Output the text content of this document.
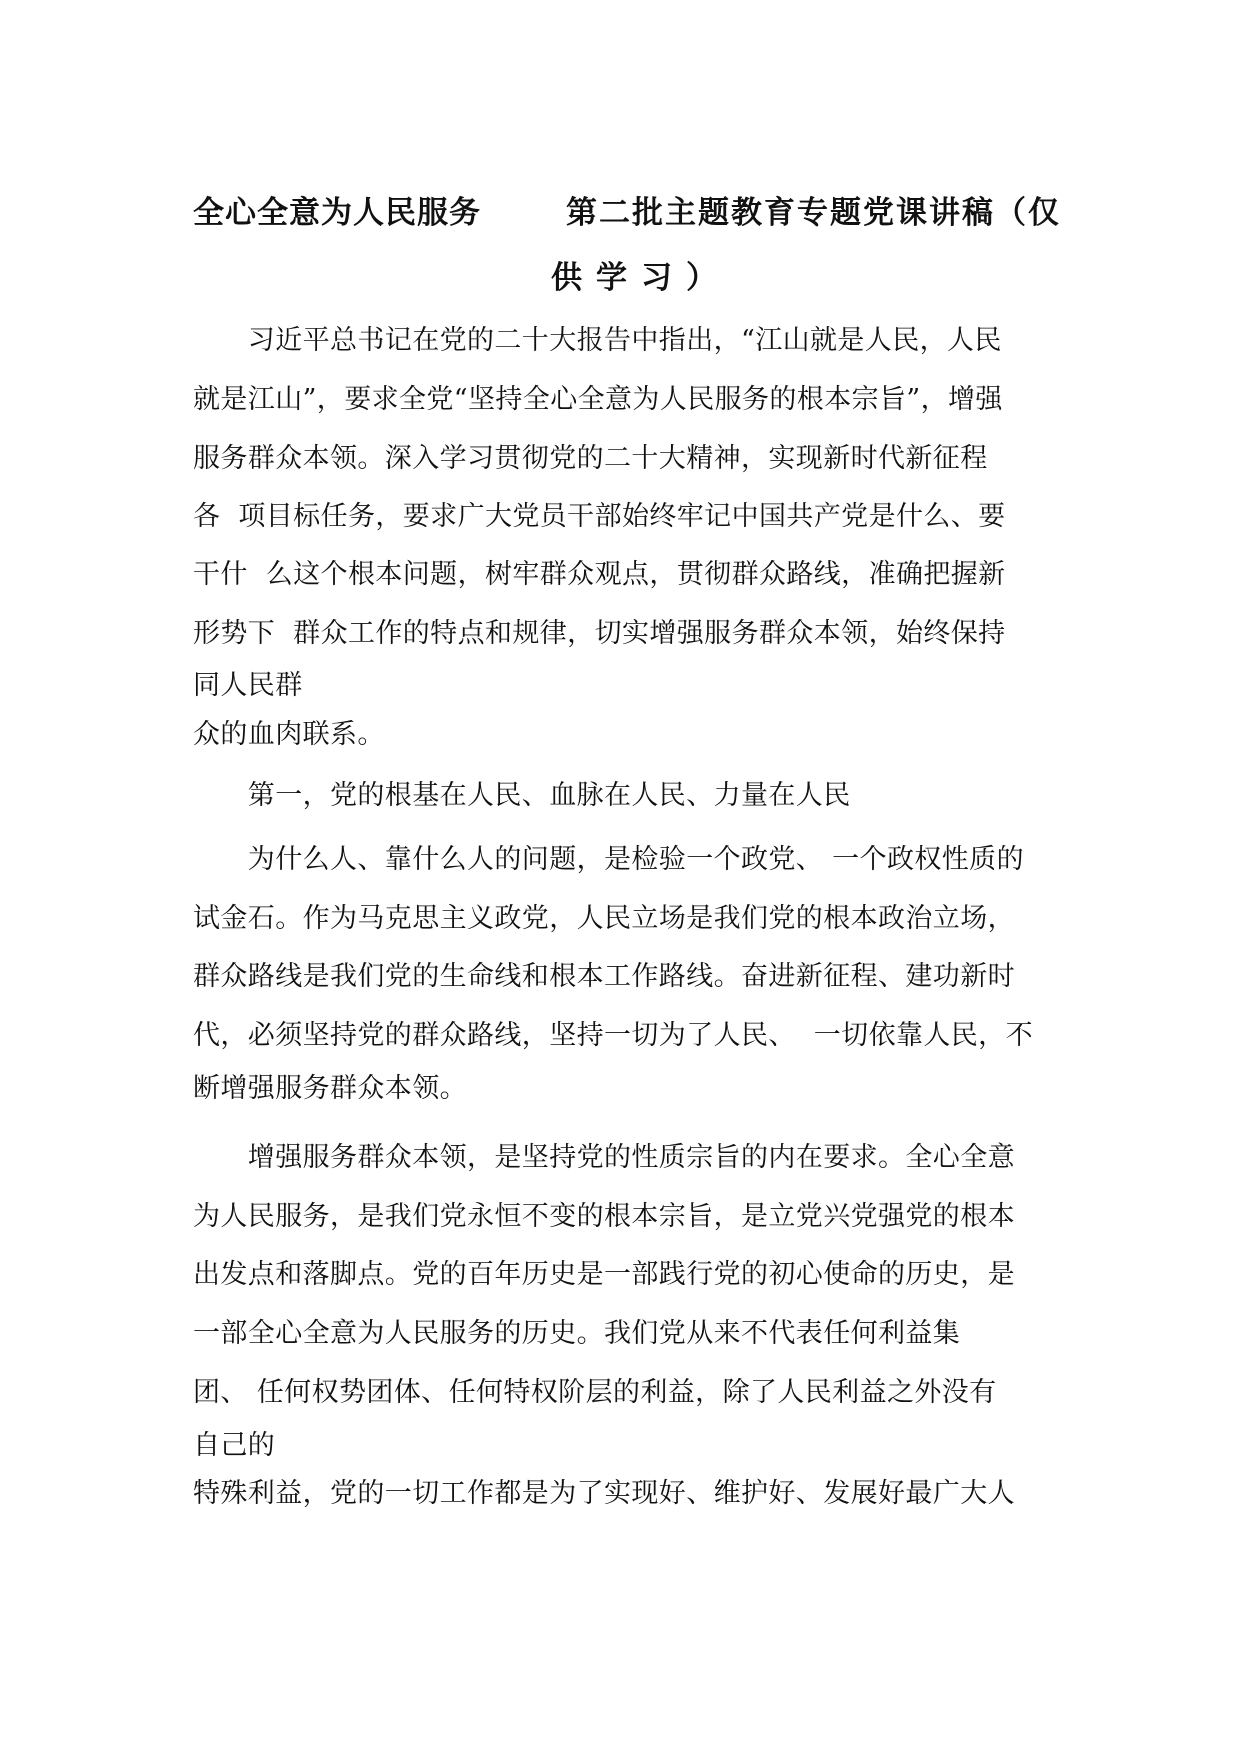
全心全意为人民服务	第二批主题教育专题党课讲稿（仅
供学习）
　　习近平总书记在党的二十大报告中指出，“江山就是人民，人民
就是江山”，要求全党“坚持全心全意为人民服务的根本宗旨”，增强
服务群众本领。深入学习贯彻党的二十大精神，实现新时代新征程
各  项目标任务，要求广大党员干部始终牢记中国共产党是什么、要
干什  么这个根本问题，树牢群众观点，贯彻群众路线，准确把握新
形势下  群众工作的特点和规律，切实增强服务群众本领，始终保持
同人民群
众的血肉联系。
　　第一，党的根基在人民、血脉在人民、力量在人民
　　为什么人、靠什么人的问题，是检验一个政党、 一个政权性质的
试金石。作为马克思主义政党，人民立场是我们党的根本政治立场，
群众路线是我们党的生命线和根本工作路线。奋进新征程、建功新时
代，必须坚持党的群众路线，坚持一切为了人民、  一切依靠人民，不
断增强服务群众本领。
　　增强服务群众本领，是坚持党的性质宗旨的内在要求。全心全意
为人民服务，是我们党永恒不变的根本宗旨，是立党兴党强党的根本
出发点和落脚点。党的百年历史是一部践行党的初心使命的历史，是
一部全心全意为人民服务的历史。我们党从来不代表任何利益集
团、 任何权势团体、任何特权阶层的利益，除了人民利益之外没有
自己的
特殊利益，党的一切工作都是为了实现好、维护好、发展好最广大人
